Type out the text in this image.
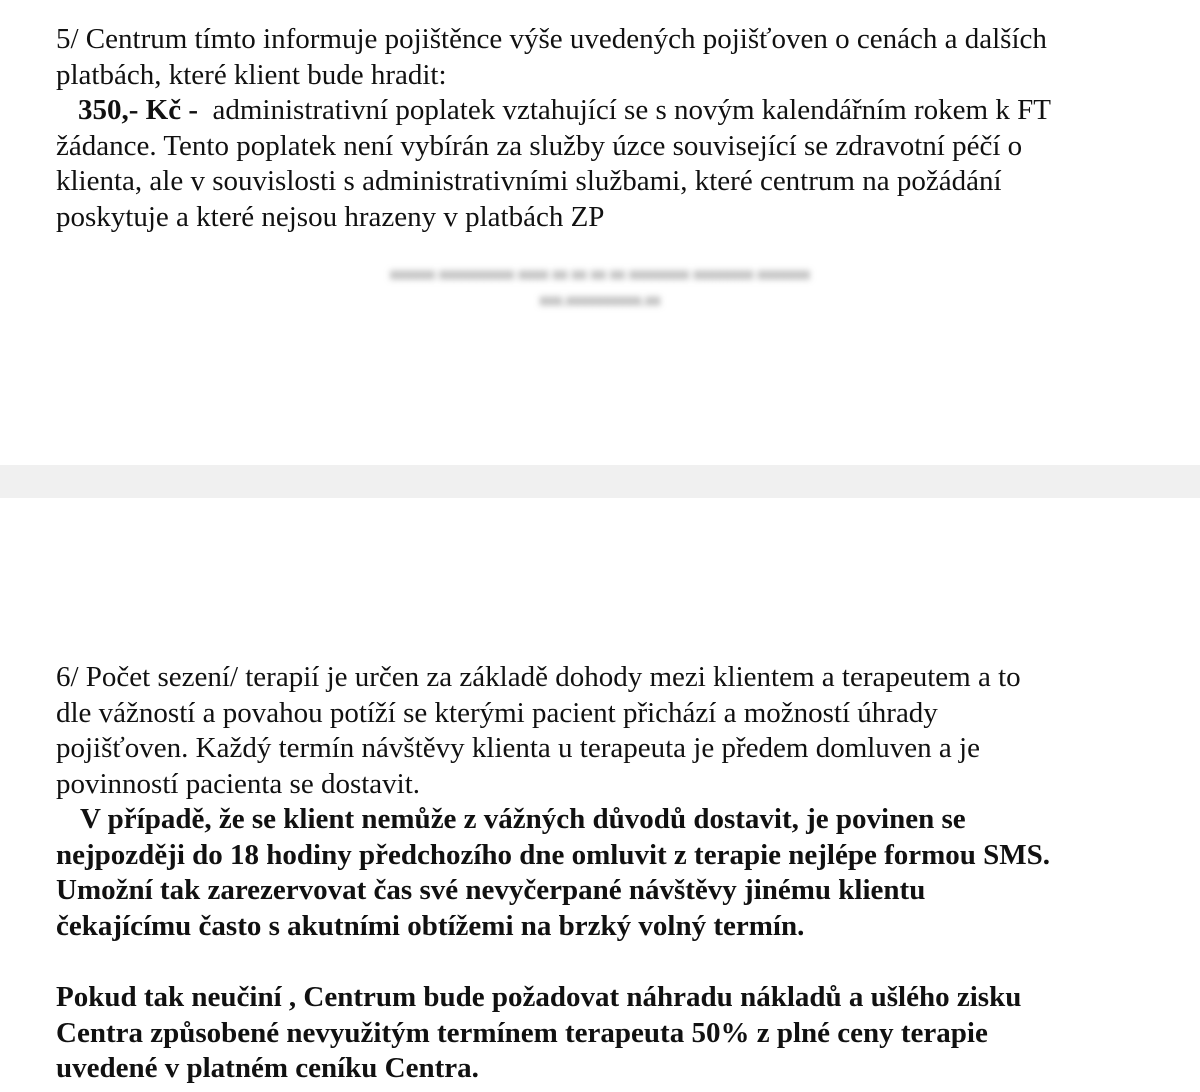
5/ Centrum tímto informuje pojištěnce výše uvedených pojišťoven o cenách a dalších
platbách, které klient bude hradit:
350,- Kč - administrativní poplatek vztahující se s novým kalendářním rokem k FT
žádance. Tento poplatek není vybírán za služby úzce související se zdravotní péčí o
klienta, ale v souvislosti s administrativními službami, které centrum na požádání
poskytuje a které nejsou hrazeny v platbách ZP
xxxxxx xxxxxxxxxx xxxx xx xx xx xx xxxxxxxx xxxxxxxx xxxxxxx
xxx.xxxxxxxxxx.xx
6/ Počet sezení/ terapií je určen za základě dohody mezi klientem a terapeutem a to
dle vážností a povahou potíží se kterými pacient přichází a možností úhrady
pojišťoven. Každý termín návštěvy klienta u terapeuta je předem domluven a je
povinností pacienta se dostavit.
V případě, že se klient nemůže z vážných důvodů dostavit, je povinen se
nejpozději do 18 hodiny předchozího dne omluvit z terapie nejlépe formou SMS.
Umožní tak zarezervovat čas své nevyčerpané návštěvy jinému klientu
čekajícímu často s akutními obtížemi na brzký volný termín.
Pokud tak neučiní , Centrum bude požadovat náhradu nákladů a ušlého zisku
Centra způsobené nevyužitým termínem terapeuta 50% z plné ceny terapie
uvedené v platném ceníku Centra.
